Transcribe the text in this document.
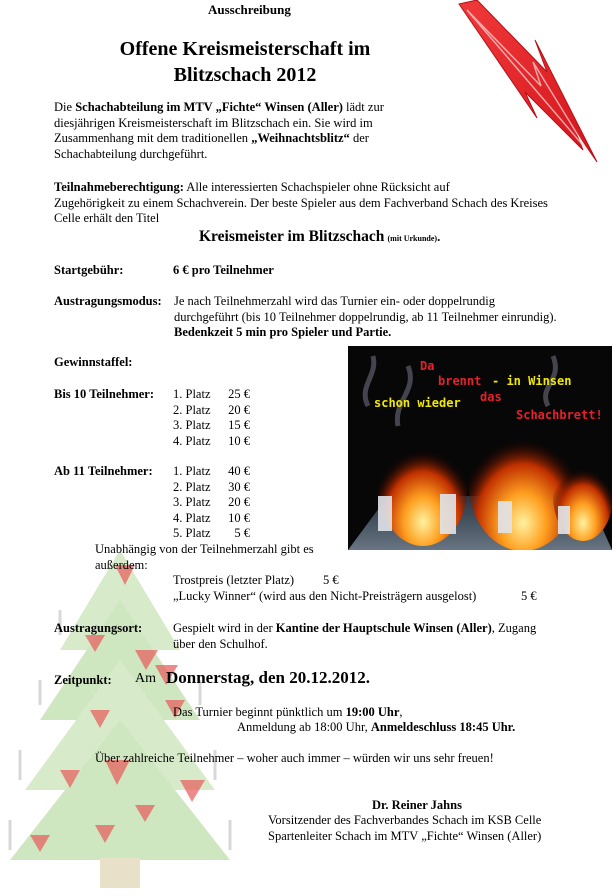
Ausschreibung
Offene Kreismeisterschaft im
Blitzschach 2012
Die Schachabteilung im MTV „Fichte“ Winsen (Aller) lädt zur
diesjährigen Kreismeisterschaft im Blitzschach ein. Sie wird im
Zusammenhang mit dem traditionellen „Weihnachtsblitz“ der
Schachabteilung durchgeführt.
Teilnahmeberechtigung: Alle interessierten Schachspieler ohne Rücksicht auf
Zugehörigkeit zu einem Schachverein. Der beste Spieler aus dem Fachverband Schach des Kreises
Celle erhält den Titel
Kreismeister im Blitzschach (mit Urkunde).
Startgebühr:	6 € pro Teilnehmer
Austragungsmodus: Je nach Teilnehmerzahl wird das Turnier ein- oder doppelrundig
durchgeführt (bis 10 Teilnehmer doppelrundig, ab 11 Teilnehmer einrundig).
Bedenkzeit 5 min pro Spieler und Partie.
Gewinnstaffel:
Bis 10 Teilnehmer: 1. Platz	25 €
2. Platz	20 €
3. Platz	15 €
4. Platz	10 €
Ab 11 Teilnehmer: 1. Platz	40 €
2. Platz	30 €
3. Platz	20 €
4. Platz	10 €
5. Platz	5 €
Unabhängig von der Teilnehmerzahl gibt es
außerdem:
Trostpreis (letzter Platz) 5 €
„Lucky Winner“ (wird aus den Nicht-Preisträgern ausgelost)	5 €
Austragungsort: Gespielt wird in der Kantine der Hauptschule Winsen (Aller), Zugang
über den Schulhof.
Zeitpunkt: Am Donnerstag, den 20.12.2012.
Das Turnier beginnt pünktlich um 19:00 Uhr,
Anmeldung ab 18:00 Uhr, Anmeldeschluss 18:45 Uhr.
Über zahlreiche Teilnehmer – woher auch immer – würden wir uns sehr freuen!
Dr. Reiner Jahns
Vorsitzender des Fachverbandes Schach im KSB Celle
Spartenleiter Schach im MTV „Fichte“ Winsen (Aller)
Da
brennt - in Winsen
schon wieder das
Schachbrett!
